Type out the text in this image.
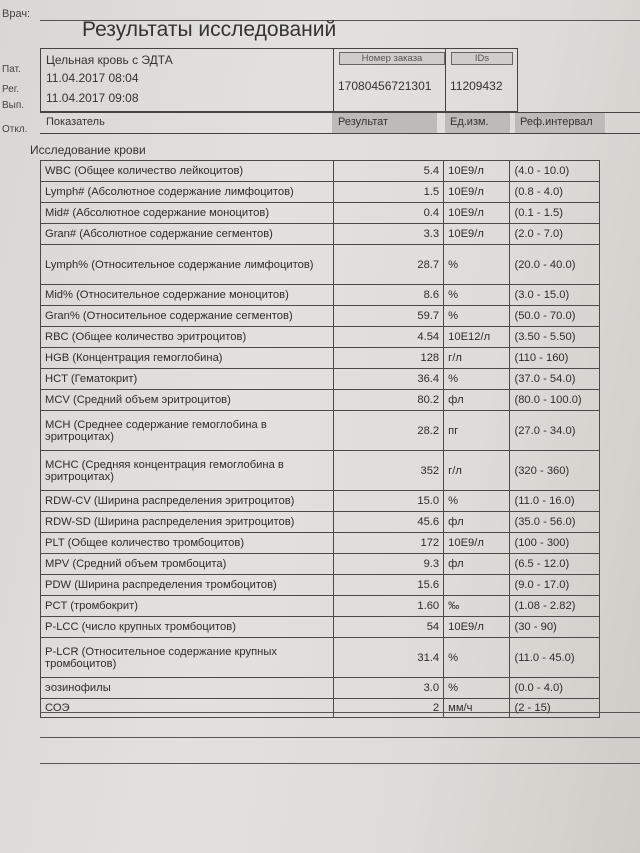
Врач:
Результаты исследований
Пат.
Рег.
Вып.
Откл.
Цельная кровь с ЭДТА
11.04.2017 08:04
11.04.2017 09:08
Номер заказа	IDs
17080456721301 11209432
Показатель	Результат	Ед.изм.	Реф.интервал
Исследование крови
WBC (Общее количество лейкоцитов)	5.4	10E9/л	(4.0 - 10.0)
Lymph# (Абсолютное содержание лимфоцитов)	1.5	10E9/л	(0.8 - 4.0)
Mid# (Абсолютное содержание моноцитов)	0.4	10E9/л	(0.1 - 1.5)
Gran# (Абсолютное содержание сегментов)	3.3	10E9/л	(2.0 - 7.0)
Lymph% (Относительное содержание лимфоцитов)	28.7	%	(20.0 - 40.0)
Mid% (Относительное содержание моноцитов)	8.6	%	(3.0 - 15.0)
Gran% (Относительное содержание сегментов)	59.7	%	(50.0 - 70.0)
RBC (Общее количество эритроцитов)	4.54	10E12/л	(3.50 - 5.50)
HGB (Концентрация гемоглобина)	128	г/л	(110 - 160)
HCT (Гематокрит)	36.4	%	(37.0 - 54.0)
MCV (Средний объем эритроцитов)	80.2	фл	(80.0 - 100.0)
MCH (Среднее содержание гемоглобина в эритроцитах)	28.2	пг	(27.0 - 34.0)
MCHC (Средняя концентрация гемоглобина в эритроцитах)	352	г/л	(320 - 360)
RDW-CV (Ширина распределения эритроцитов)	15.0	%	(11.0 - 16.0)
RDW-SD (Ширина распределения эритроцитов)	45.6	фл	(35.0 - 56.0)
PLT (Общее количество тромбоцитов)	172	10E9/л	(100 - 300)
MPV (Средний объем тромбоцита)	9.3	фл	(6.5 - 12.0)
PDW (Ширина распределения тромбоцитов)	15.6		(9.0 - 17.0)
PCT (тромбокрит)	1.60	‰	(1.08 - 2.82)
P-LCC (число крупных тромбоцитов)	54	10E9/л	(30 - 90)
P-LCR (Относительное содержание крупных тромбоцитов)	31.4	%	(11.0 - 45.0)
эозинофилы	3.0	%	(0.0 - 4.0)
СОЭ	2	мм/ч	(2 - 15)
